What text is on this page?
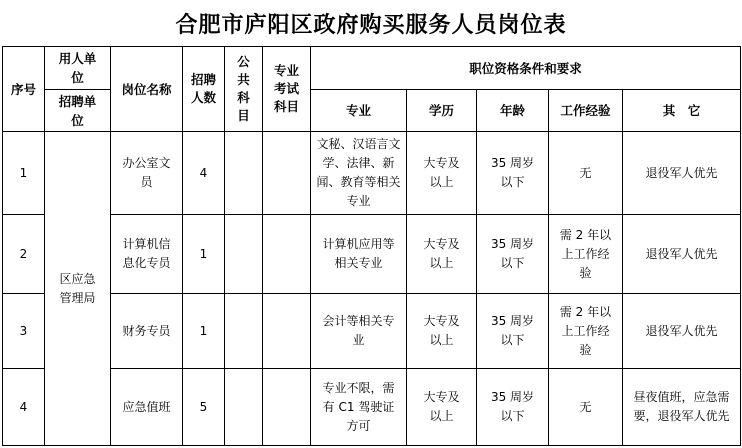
合肥市庐阳区政府购买服务人员岗位表
序号	用人单位	岗位名称	招聘人数	公共科目	专业考试科目	职位资格条件和要求				
	招聘单位					专业	学历	年龄	工作经验	其　它
1	区应急管理局	办公室文员	4			文秘、汉语言文学、法律、新闻、教育等相关专业	大专及以上	35 周岁以下	无	退役军人优先
2		计算机信息化专员	1			计算机应用等相关专业	大专及以上	35 周岁以下	需 2 年以上工作经验	退役军人优先
3		财务专员	1			会计等相关专业	大专及以上	35 周岁以下	需 2 年以上工作经验	退役军人优先
4		应急值班	5			专业不限，需有 C1 驾驶证方可	大专及以上	35 周岁以下	无	昼夜值班，应急需要，退役军人优先
